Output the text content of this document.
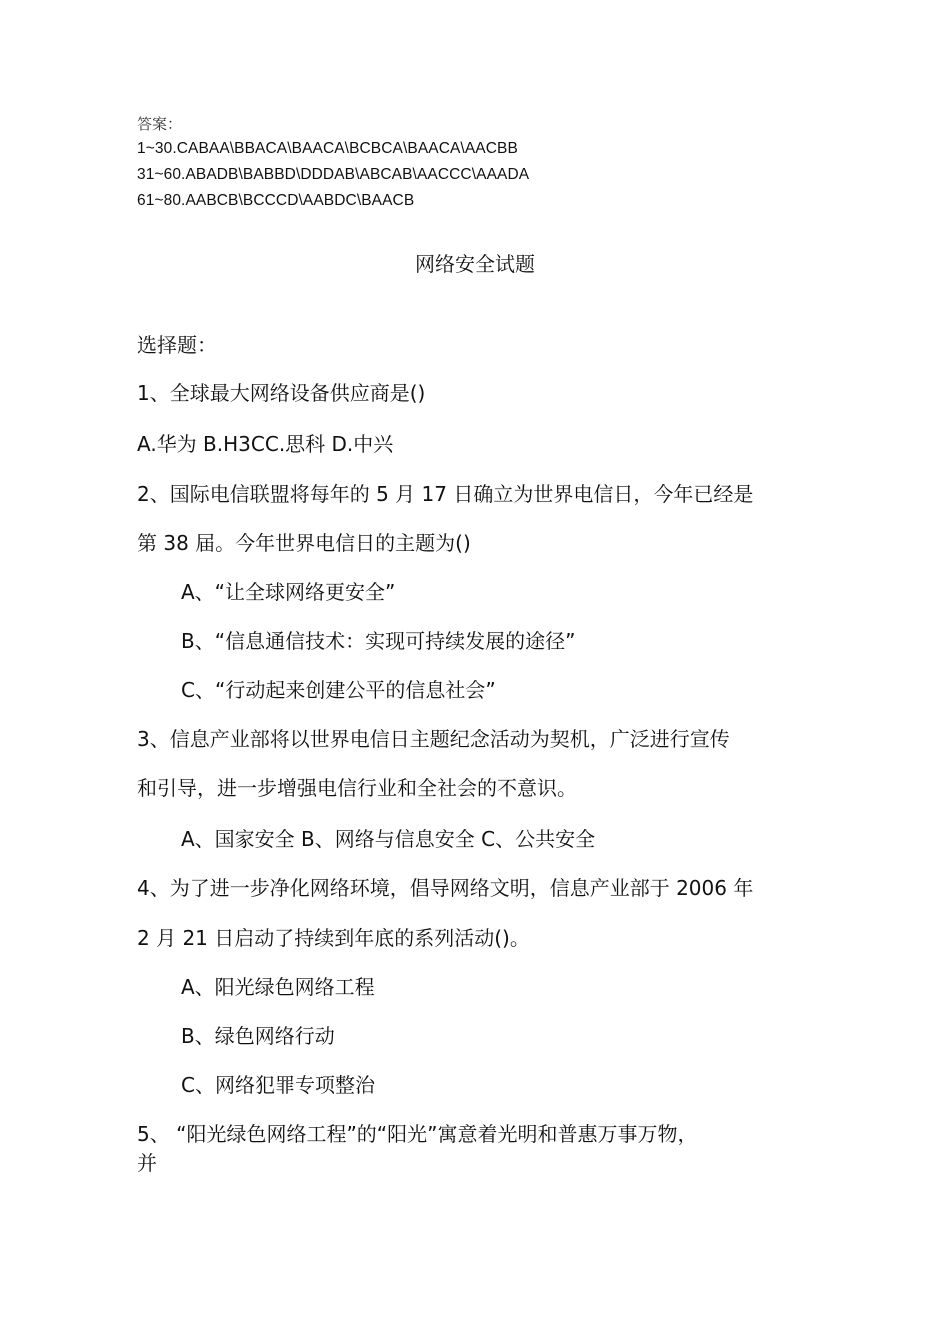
答案：
1~30.CABAA\BBACA\BAACA\BCBCA\BAACA\AACBB
31~60.ABADB\BABBD\DDDAB\ABCAB\AACCC\AAADA
61~80.AABCB\BCCCD\AABDC\BAACB
网络安全试题
选择题：
1、全球最大网络设备供应商是()
A.华为 B.H3CC.思科 D.中兴
2、国际电信联盟将每年的 5 月 17 日确立为世界电信日，今年已经是
第 38 届。今年世界电信日的主题为()
A、“让全球网络更安全”
B、“信息通信技术：实现可持续发展的途径”
C、“行动起来创建公平的信息社会”
3、信息产业部将以世界电信日主题纪念活动为契机，广泛进行宣传
和引导，进一步增强电信行业和全社会的不意识。
A、国家安全 B、网络与信息安全 C、公共安全
4、为了进一步净化网络环境，倡导网络文明，信息产业部于 2006 年
2 月 21 日启动了持续到年底的系列活动()。
A、阳光绿色网络工程
B、绿色网络行动
C、网络犯罪专项整治
5、 “阳光绿色网络工程”的“阳光”寓意着光明和普惠万事万物，
并
